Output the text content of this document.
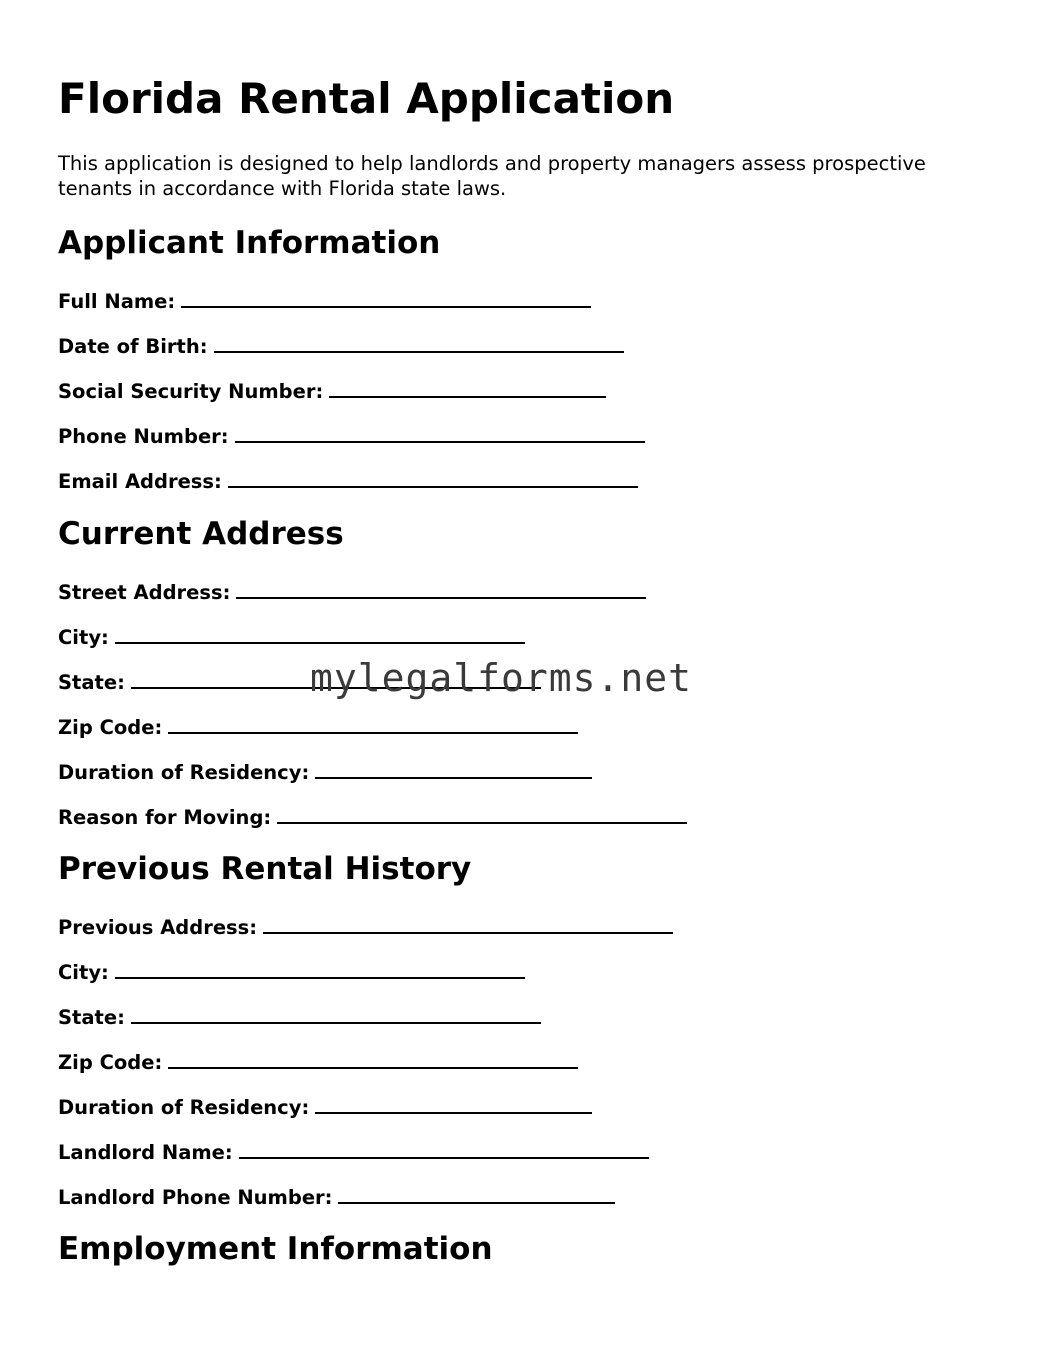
Florida Rental Application

This application is designed to help landlords and property managers assess prospective tenants in accordance with Florida state laws.

Applicant Information
Full Name:
Date of Birth:
Social Security Number:
Phone Number:
Email Address:
Current Address
Street Address:
City:
State:
Zip Code:
Duration of Residency:
Reason for Moving:
Previous Rental History
Previous Address:
City:
State:
Zip Code:
Duration of Residency:
Landlord Name:
Landlord Phone Number:
Employment Information
mylegalforms.net
